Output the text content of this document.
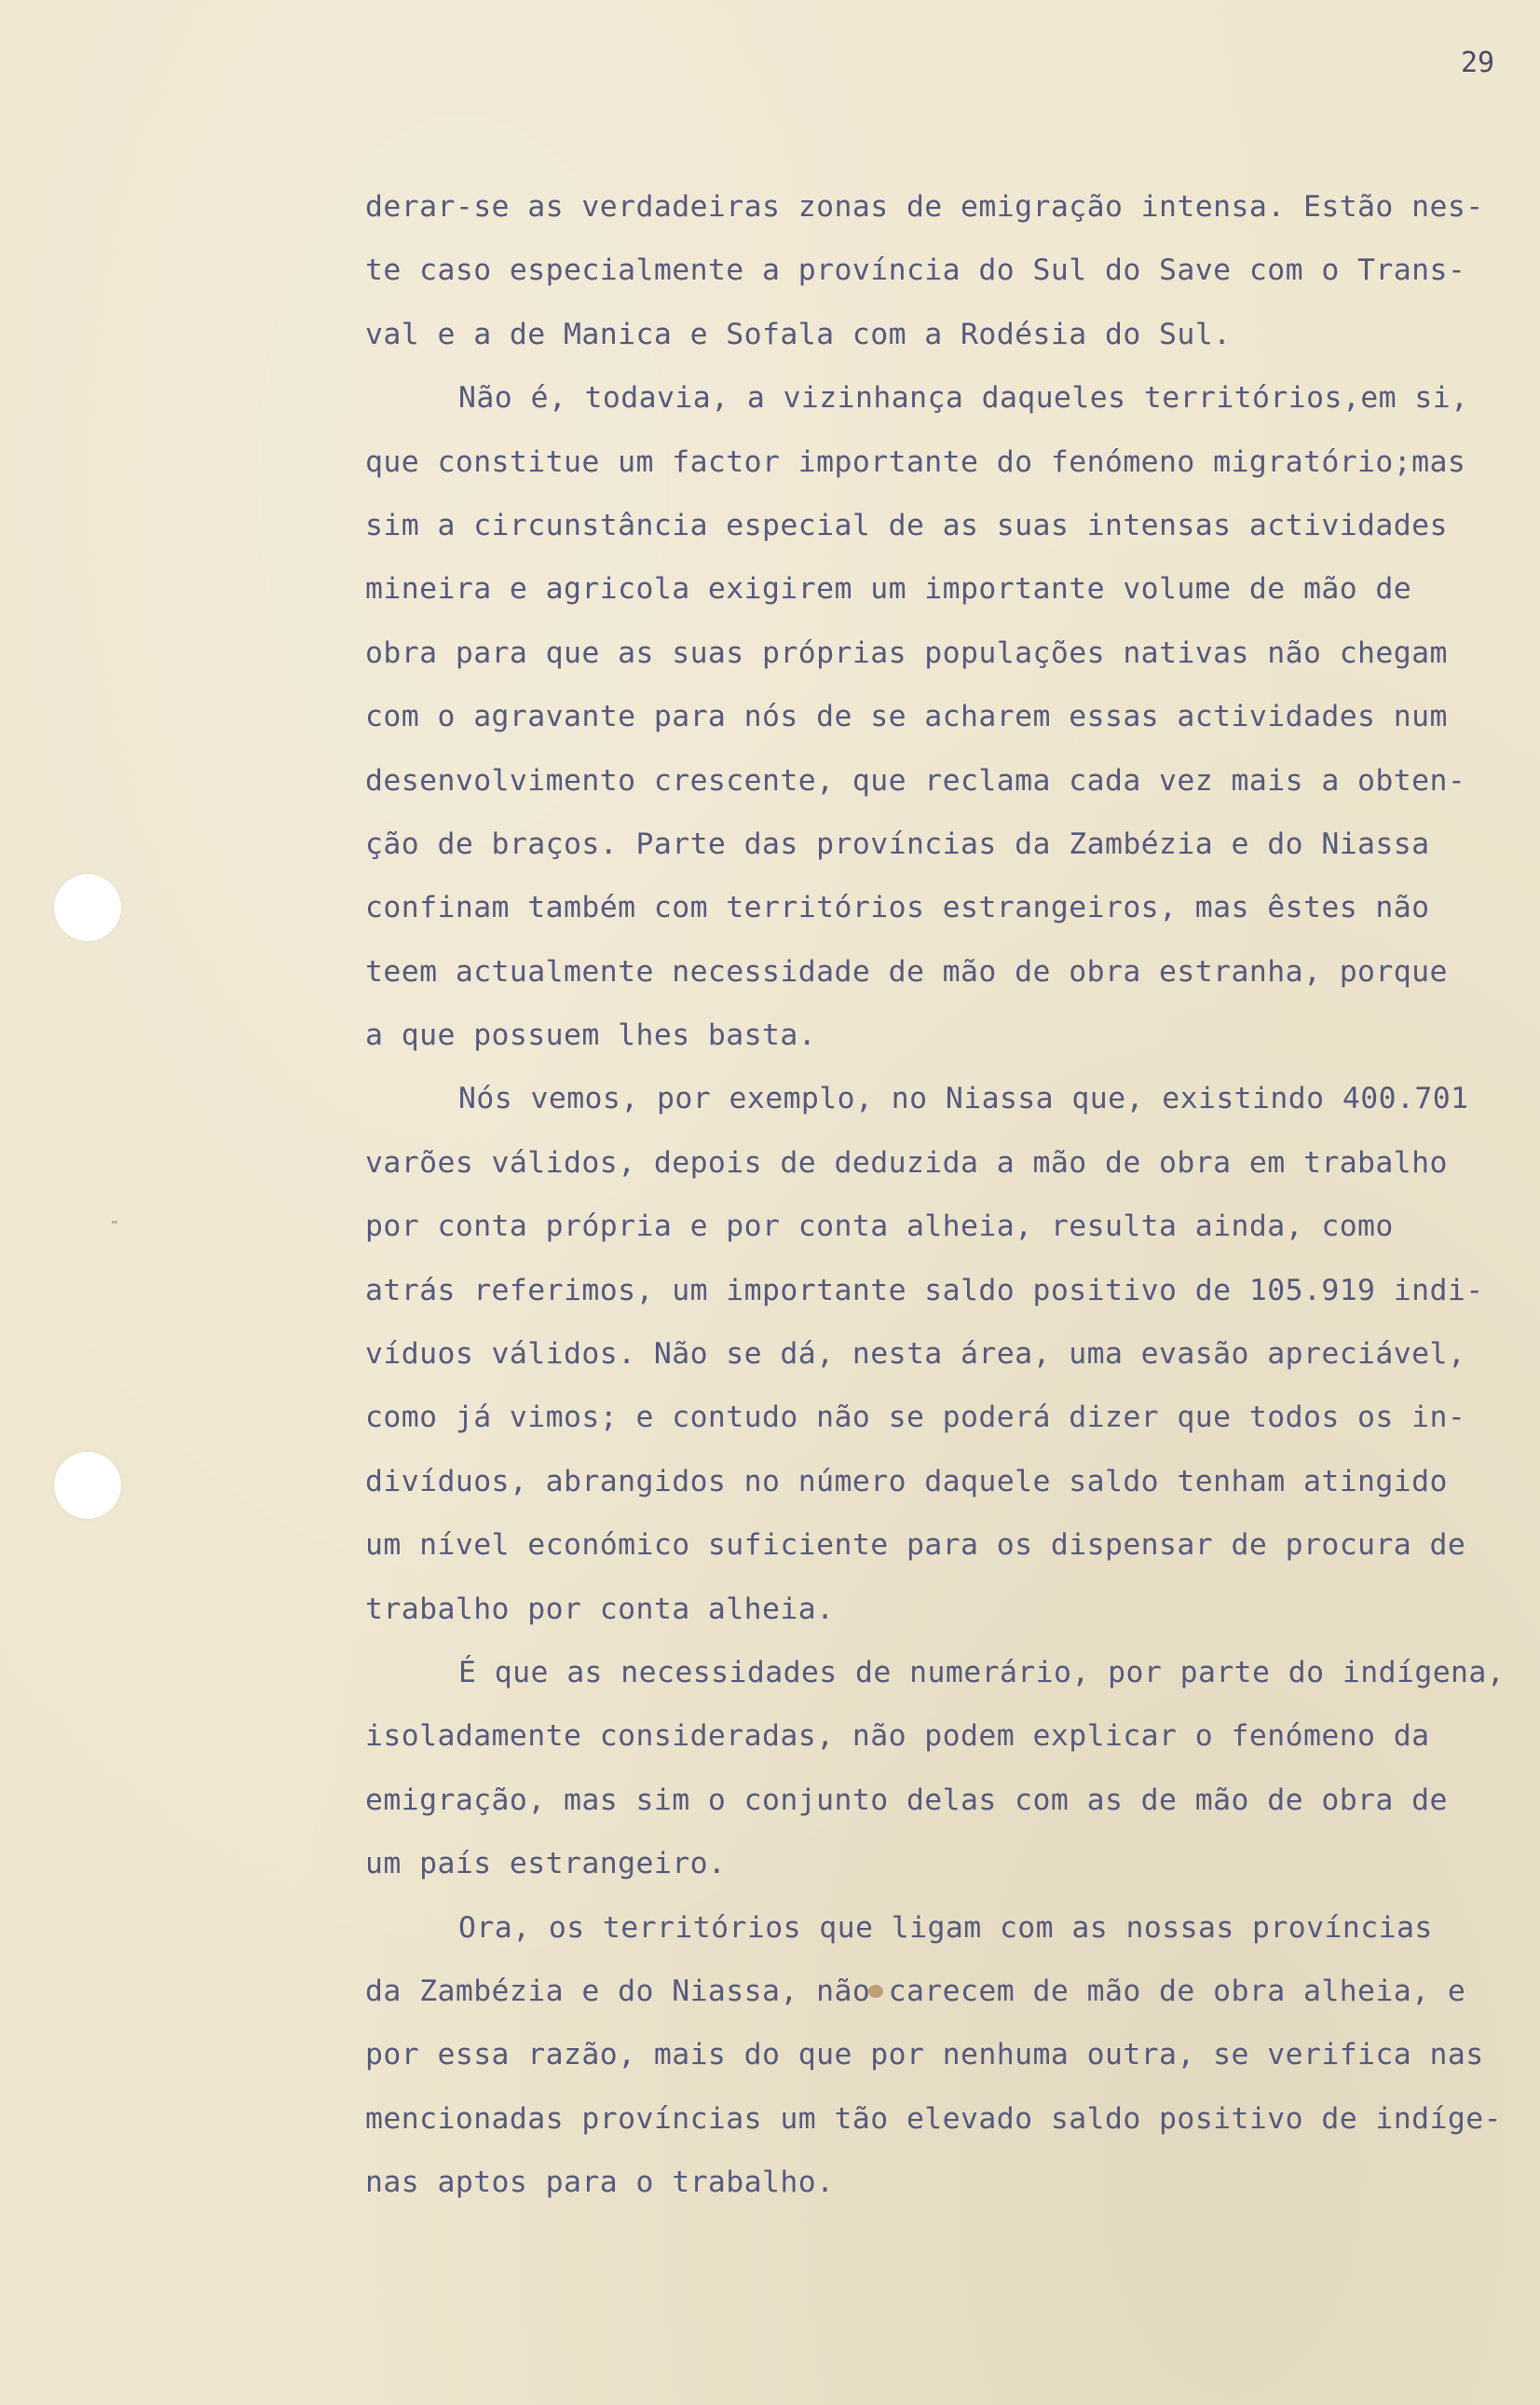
29
derar-se as verdadeiras zonas de emigração intensa. Estão nes-
te caso especialmente a província do Sul do Save com o Trans-
val e a de Manica e Sofala com a Rodésia do Sul.
Não é, todavia, a vizinhança daqueles territórios,em si,
que constitue um factor importante do fenómeno migratório;mas
sim a circunstância especial de as suas intensas actividades
mineira e agricola exigirem um importante volume de mão de
obra para que as suas próprias populações nativas não chegam
com o agravante para nós de se acharem essas actividades num
desenvolvimento crescente, que reclama cada vez mais a obten-
ção de braços. Parte das províncias da Zambézia e do Niassa
confinam também com territórios estrangeiros, mas êstes não
teem actualmente necessidade de mão de obra estranha, porque
a que possuem lhes basta.
Nós vemos, por exemplo, no Niassa que, existindo 400.701
varões válidos, depois de deduzida a mão de obra em trabalho
por conta própria e por conta alheia, resulta ainda, como
atrás referimos, um importante saldo positivo de 105.919 indi-
víduos válidos. Não se dá, nesta área, uma evasão apreciável,
como já vimos; e contudo não se poderá dizer que todos os in-
divíduos, abrangidos no número daquele saldo tenham atingido
um nível económico suficiente para os dispensar de procura de
trabalho por conta alheia.
É que as necessidades de numerário, por parte do indígena,
isoladamente consideradas, não podem explicar o fenómeno da
emigração, mas sim o conjunto delas com as de mão de obra de
um país estrangeiro.
Ora, os territórios que ligam com as nossas províncias
da Zambézia e do Niassa, não carecem de mão de obra alheia, e
por essa razão, mais do que por nenhuma outra, se verifica nas
mencionadas províncias um tão elevado saldo positivo de indíge-
nas aptos para o trabalho.
